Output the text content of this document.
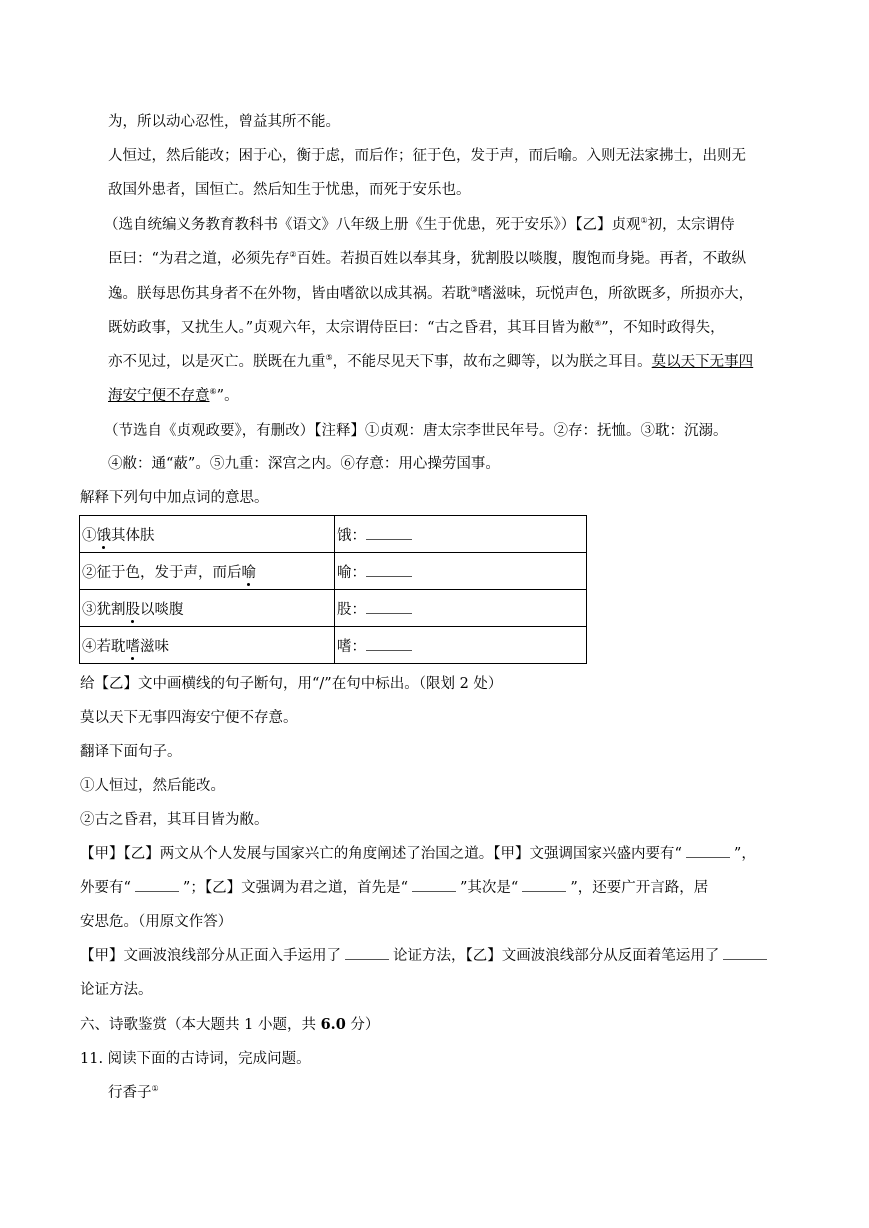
为，所以动心忍性，曾益其所不能。
人恒过，然后能改；困于心，衡于虑，而后作；征于色，发于声，而后喻。入则无法家拂士，出则无
敌国外患者，国恒亡。然后知生于忧患，而死于安乐也。
（选自统编义务教育教科书《语文》八年级上册《生于优患，死于安乐》）【乙】贞观①初，太宗谓侍
臣曰：“为君之道，必须先存②百姓。若损百姓以奉其身，犹割股以啖腹，腹饱而身毙。再者，不敢纵
逸。朕每思伤其身者不在外物，皆由嗜欲以成其祸。若耽③嗜滋味，玩悦声色，所欲既多，所损亦大，
既妨政事，又扰生人。”贞观六年，太宗谓侍臣曰：“古之昏君，其耳目皆为敝④”，不知时政得失，
亦不见过，以是灭亡。朕既在九重⑤，不能尽见天下事，故布之卿等，以为朕之耳目。莫以天下无事四
海安宁便不存意⑥”。
（节选自《贞观政要》，有删改）【注释】①贞观：唐太宗李世民年号。②存：抚恤。③耽：沉溺。
④敝：通“蔽”。⑤九重：深宫之内。⑥存意：用心操劳国事。
解释下列句中加点词的意思。
①饿其体肤	饿：
②征于色，发于声，而后喻	喻：
③犹割股以啖腹	股：
④若耽嗜滋味	嗜：
给【乙】文中画横线的句子断句，用“/”在句中标出。（限划 2 处）
莫以天下无事四海安宁便不存意。
翻译下面句子。
①人恒过，然后能改。
②古之昏君，其耳目皆为敝。
【甲】【乙】两文从个人发展与国家兴亡的角度阐述了治国之道。【甲】文强调国家兴盛内要有“	”，
外要有“	”；【乙】文强调为君之道，首先是“	”其次是“	”，还要广开言路，居
安思危。（用原文作答）
【甲】文画波浪线部分从正面入手运用了	论证方法，【乙】文画波浪线部分从反面着笔运用了
论证方法。
六、诗歌鉴赏（本大题共 1 小题，共 6.0 分）
11. 阅读下面的古诗词，完成问题。
行香子①
